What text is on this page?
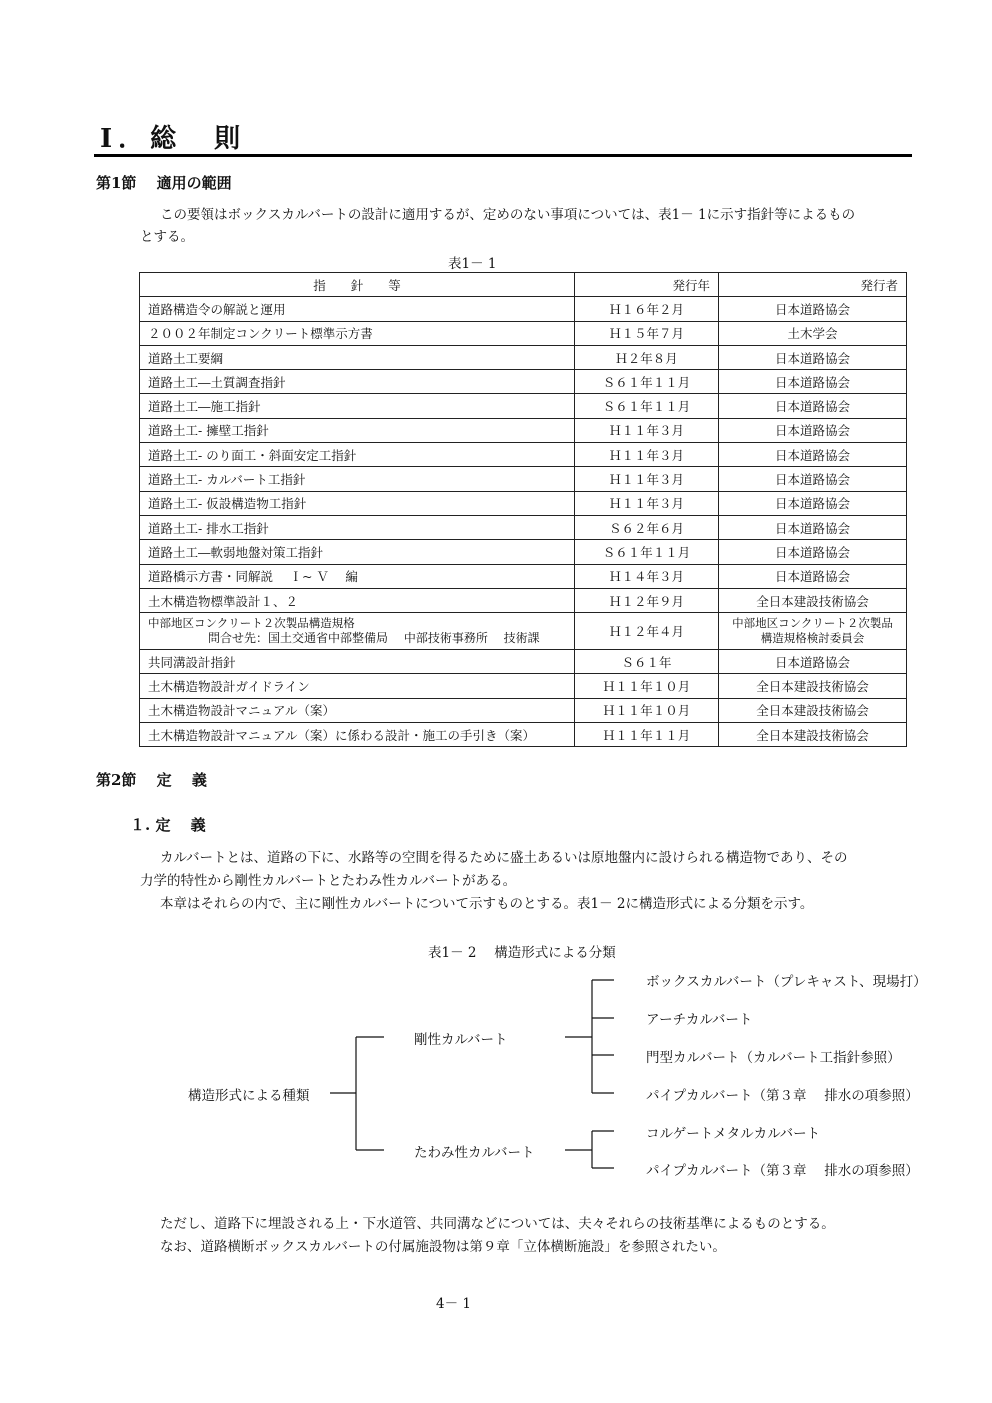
Ⅰ．総　則
第1節　 適用の範囲
この要領はボックスカルバートの設計に適用するが、定めのない事項については、表1－ 1に示す指針等によるもの
とする。
表1－ 1
指　　針　　等	発行年	発行者
道路構造令の解説と運用	Ｈ１６年２月	日本道路協会
２００２年制定コンクリート標準示方書	Ｈ１５年７月	土木学会
道路土工要綱	Ｈ２年８月	日本道路協会
道路土工―土質調査指針	Ｓ６１年１１月	日本道路協会
道路土工―施工指針	Ｓ６１年１１月	日本道路協会
道路土工- 擁壁工指針	Ｈ１１年３月	日本道路協会
道路土工- のり面工・斜面安定工指針	Ｈ１１年３月	日本道路協会
道路土工- カルバート工指針	Ｈ１１年３月	日本道路協会
道路土工- 仮設構造物工指針	Ｈ１１年３月	日本道路協会
道路土工- 排水工指針	Ｓ６２年６月	日本道路協会
道路土工―軟弱地盤対策工指針	Ｓ６１年１１月	日本道路協会
道路橋示方書・同解説　 Ｉ~ Ｖ　 編	Ｈ１４年３月	日本道路協会
土木構造物標準設計１、２	Ｈ１２年９月	全日本建設技術協会

中部地区コンクリート２次製品構造規格
問合せ先：国土交通省中部整備局　 中部技術事務所　 技術課	Ｈ１２年４月	中部地区コンクリート２次製品
構造規格検討委員会

共同溝設計指針	Ｓ６１年	日本道路協会
土木構造物設計ガイドライン	Ｈ１１年１０月	全日本建設技術協会
土木構造物設計マニュアル（案）	Ｈ１１年１０月	全日本建設技術協会
土木構造物設計マニュアル（案）に係わる設計・施工の手引き（案）	Ｈ１１年１１月	全日本建設技術協会
第2節　 定　 義
１. 定　 義
カルバートとは、道路の下に、水路等の空間を得るために盛土あるいは原地盤内に設けられる構造物であり、その
力学的特性から剛性カルバートとたわみ性カルバートがある。
本章はそれらの内で、主に剛性カルバートについて示すものとする。表1－ 2に構造形式による分類を示す。
表1－ 2　 構造形式による分類
構造形式による種類
剛性カルバート
たわみ性カルバート
ボックスカルバート（プレキャスト、現場打）
アーチカルバート
門型カルバート（カルバート工指針参照）
パイプカルバート（第３章　 排水の項参照）
コルゲートメタルカルバート
パイプカルバート（第３章　 排水の項参照）
ただし、道路下に埋設される上・下水道管、共同溝などについては、夫々それらの技術基準によるものとする。
なお、道路横断ボックスカルバートの付属施設物は第９章「立体横断施設」を参照されたい。
4－ 1
